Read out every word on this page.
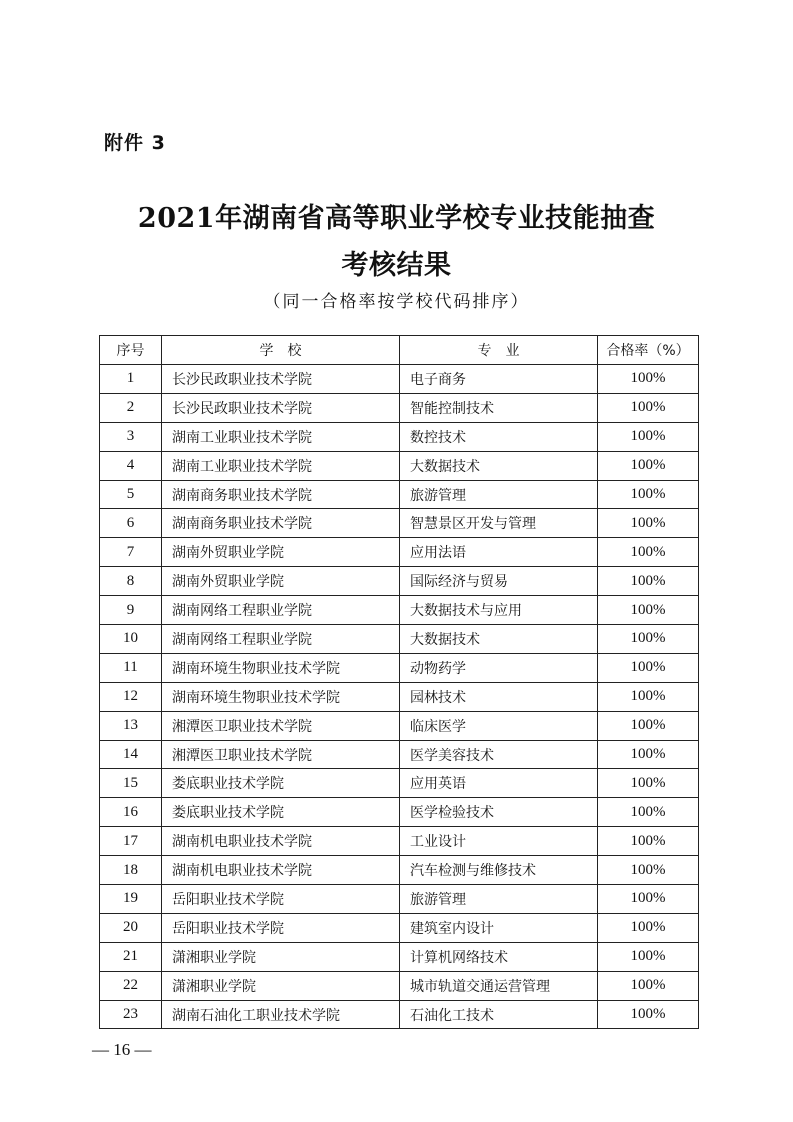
附件 3
2021年湖南省高等职业学校专业技能抽查
考核结果
（同一合格率按学校代码排序）
序号	学　校	专　业	合格率（%）
1	长沙民政职业技术学院	电子商务	100%
2	长沙民政职业技术学院	智能控制技术	100%
3	湖南工业职业技术学院	数控技术	100%
4	湖南工业职业技术学院	大数据技术	100%
5	湖南商务职业技术学院	旅游管理	100%
6	湖南商务职业技术学院	智慧景区开发与管理	100%
7	湖南外贸职业学院	应用法语	100%
8	湖南外贸职业学院	国际经济与贸易	100%
9	湖南网络工程职业学院	大数据技术与应用	100%
10	湖南网络工程职业学院	大数据技术	100%
11	湖南环境生物职业技术学院	动物药学	100%
12	湖南环境生物职业技术学院	园林技术	100%
13	湘潭医卫职业技术学院	临床医学	100%
14	湘潭医卫职业技术学院	医学美容技术	100%
15	娄底职业技术学院	应用英语	100%
16	娄底职业技术学院	医学检验技术	100%
17	湖南机电职业技术学院	工业设计	100%
18	湖南机电职业技术学院	汽车检测与维修技术	100%
19	岳阳职业技术学院	旅游管理	100%
20	岳阳职业技术学院	建筑室内设计	100%
21	潇湘职业学院	计算机网络技术	100%
22	潇湘职业学院	城市轨道交通运营管理	100%
23	湖南石油化工职业技术学院	石油化工技术	100%
— 16 —
